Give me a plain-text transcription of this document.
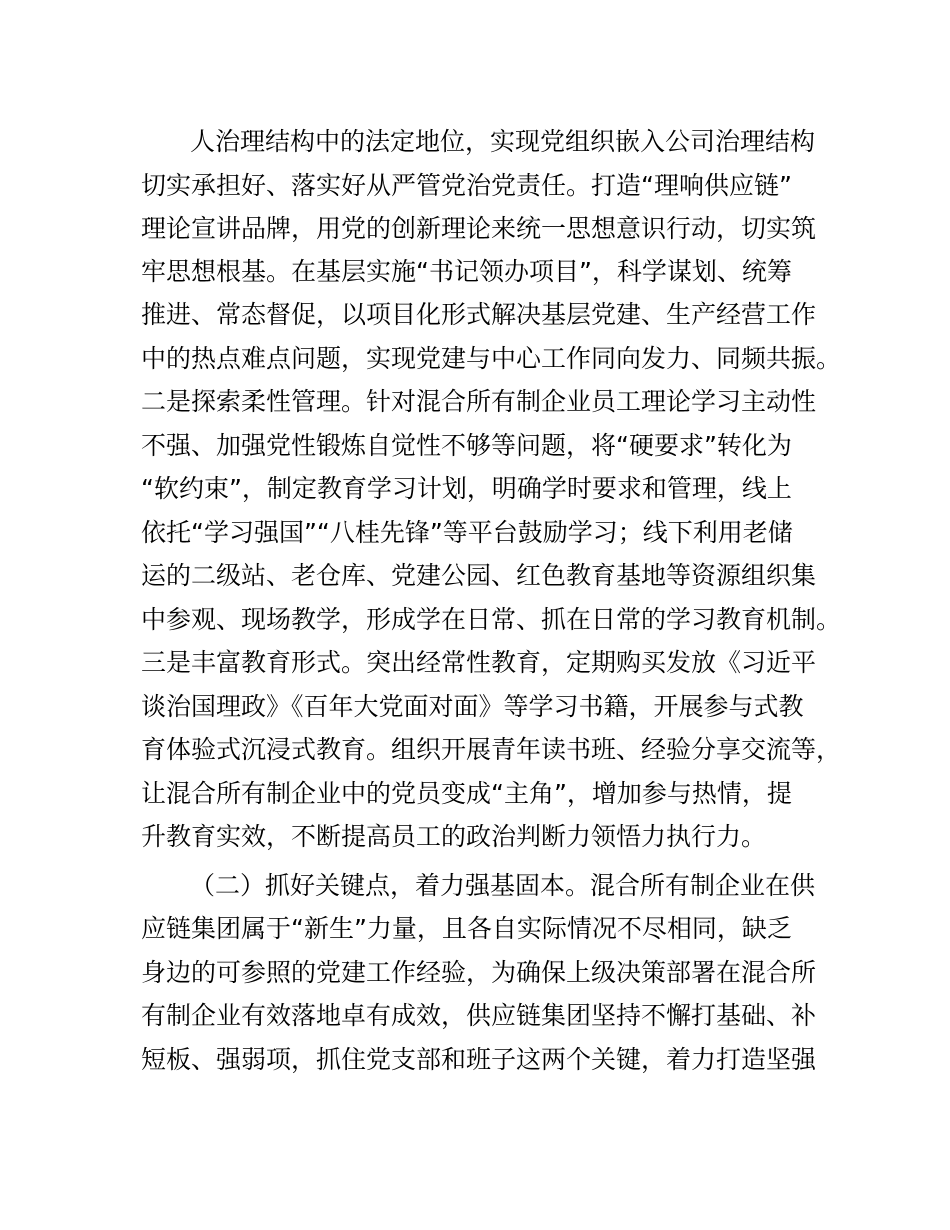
人治理结构中的法定地位，实现党组织嵌入公司治理结构
切实承担好、落实好从严管党治党责任。打造“理响供应链”
理论宣讲品牌，用党的创新理论来统一思想意识行动，切实筑
牢思想根基。在基层实施“书记领办项目”，科学谋划、统筹
推进、常态督促，以项目化形式解决基层党建、生产经营工作
中的热点难点问题，实现党建与中心工作同向发力、同频共振。
二是探索柔性管理。针对混合所有制企业员工理论学习主动性
不强、加强党性锻炼自觉性不够等问题，将“硬要求”转化为
“软约束”，制定教育学习计划，明确学时要求和管理，线上
依托“学习强国”“八桂先锋”等平台鼓励学习；线下利用老储
运的二级站、老仓库、党建公园、红色教育基地等资源组织集
中参观、现场教学，形成学在日常、抓在日常的学习教育机制。
三是丰富教育形式。突出经常性教育，定期购买发放《习近平
谈治国理政》《百年大党面对面》等学习书籍，开展参与式教
育体验式沉浸式教育。组织开展青年读书班、经验分享交流等，
让混合所有制企业中的党员变成“主角”，增加参与热情，提
升教育实效，不断提高员工的政治判断力领悟力执行力。
（二）抓好关键点，着力强基固本。混合所有制企业在供
应链集团属于“新生”力量，且各自实际情况不尽相同，缺乏
身边的可参照的党建工作经验，为确保上级决策部署在混合所
有制企业有效落地卓有成效，供应链集团坚持不懈打基础、补
短板、强弱项，抓住党支部和班子这两个关键，着力打造坚强
